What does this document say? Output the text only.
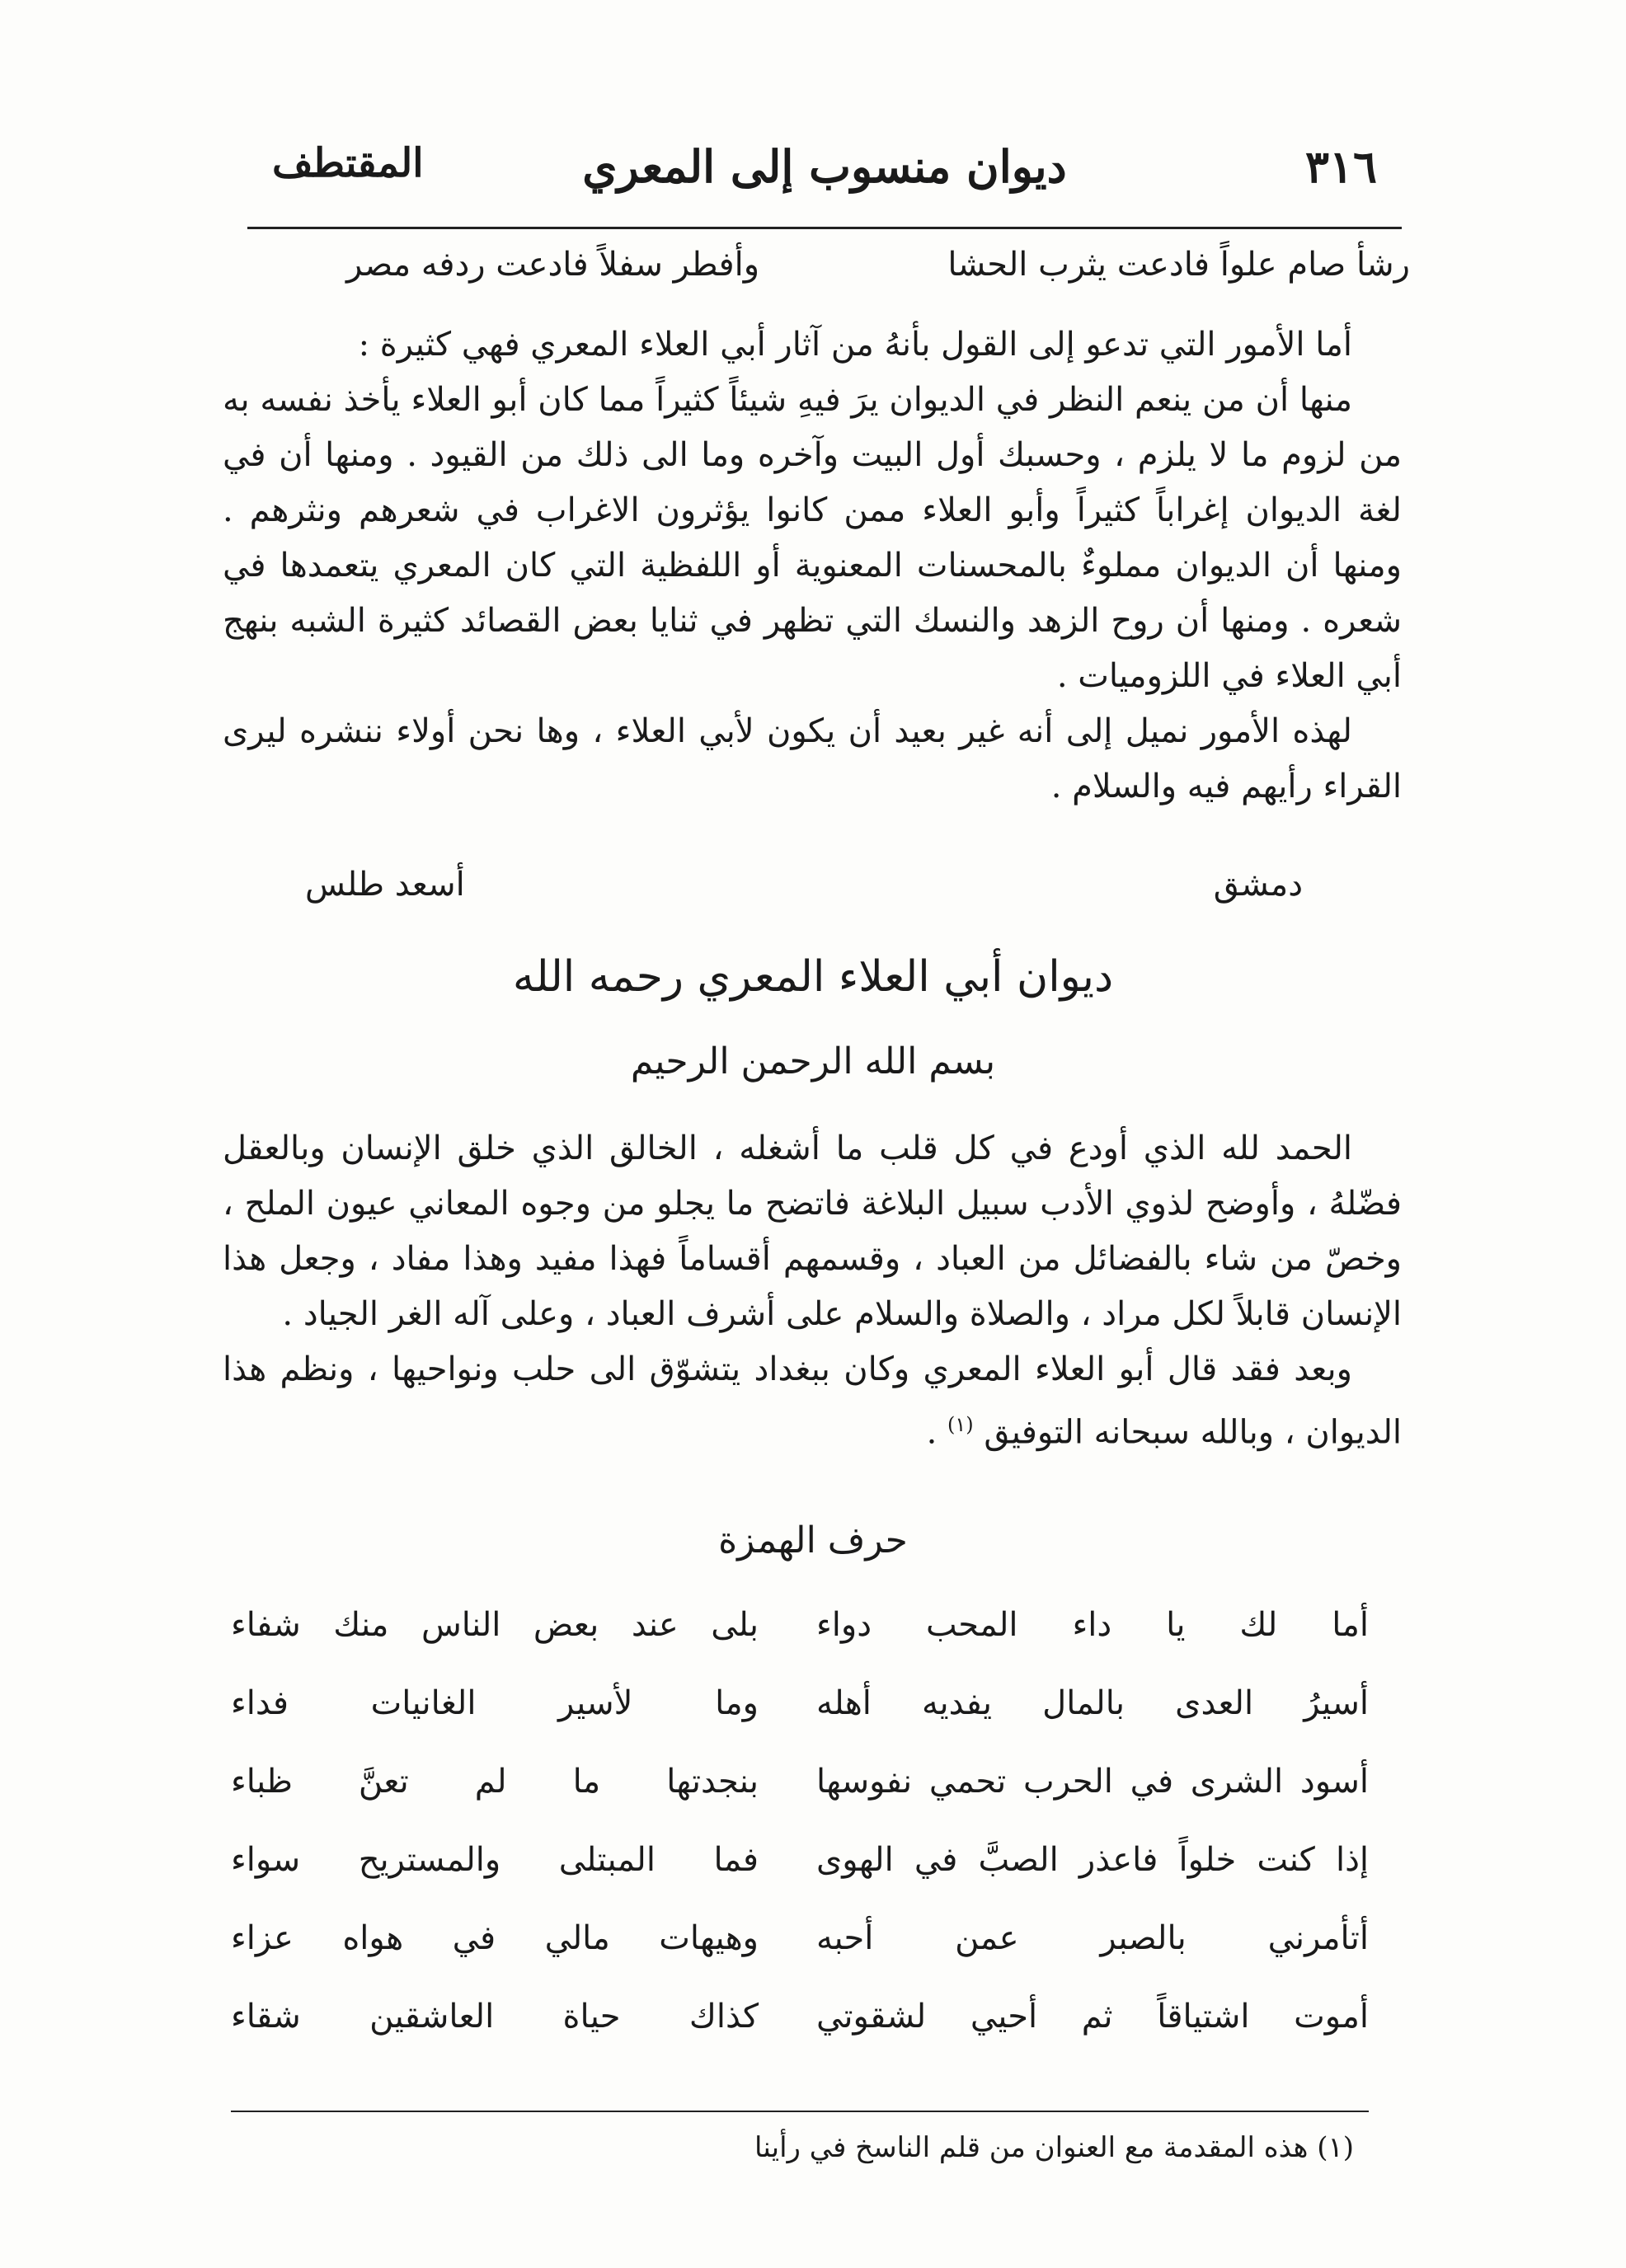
٣١٦
ديوان منسوب إلى المعري
المقتطف
رشأ صام علواً فادعت يثرب الحشا
وأفطر سفلاً فادعت ردفه مصر

أما الأمور التي تدعو إلى القول بأنهُ من آثار أبي العلاء المعري فهي كثيرة :

منها أن من ينعم النظر في الديوان يرَ فيهِ شيئاً كثيراً مما كان أبو العلاء يأخذ نفسه به من لزوم ما لا يلزم ، وحسبك أول البيت وآخره وما الى ذلك من القيود . ومنها أن في لغة الديوان إغراباً كثيراً وأبو العلاء ممن كانوا يؤثرون الاغراب في شعرهم ونثرهم . ومنها أن الديوان مملوءٌ بالمحسنات المعنوية أو اللفظية التي كان المعري يتعمدها في شعره . ومنها أن روح الزهد والنسك التي تظهر في ثنايا بعض القصائد كثيرة الشبه بنهج أبي العلاء في اللزوميات .

لهذه الأمور نميل إلى أنه غير بعيد أن يكون لأبي العلاء ، وها نحن أولاء ننشره ليرى القراء رأيهم فيه والسلام .

دمشق
أسعد طلس
ديوان أبي العلاء المعري رحمه الله
بسم الله الرحمن الرحيم

الحمد لله الذي أودع في كل قلب ما أشغله ، الخالق الذي خلق الإنسان وبالعقل فضّلهُ ، وأوضح لذوي الأدب سبيل البلاغة فاتضح ما يجلو من وجوه المعاني عيون الملح ، وخصّ من شاء بالفضائل من العباد ، وقسمهم أقساماً فهذا مفيد وهذا مفاد ، وجعل هذا الإنسان قابلاً لكل مراد ، والصلاة والسلام على أشرف العباد ، وعلى آله الغر الجياد .

وبعد فقد قال أبو العلاء المعري وكان ببغداد يتشوّق الى حلب ونواحيها ، ونظم هذا الديوان ، وبالله سبحانه التوفيق $^{(١)}$ .

حرف الهمزة
أما لك يا داء المحب دواء
بلى عند بعض الناس منك شفاء
أسيرُ العدى بالمال يفديه أهله
وما لأسير الغانيات فداء
أسود الشرى في الحرب تحمي نفوسها
بنجدتها ما لم تعنَّ ظباء
إذا كنت خلواً فاعذر الصبَّ في الهوى
فما المبتلى والمستريح سواء
أتأمرني بالصبر عمن أحبه
وهيهات مالي في هواه عزاء
أموت اشتياقاً ثم أحيي لشقوتي
كذاك حياة العاشقين شقاء
(١) هذه المقدمة مع العنوان من قلم الناسخ في رأينا
